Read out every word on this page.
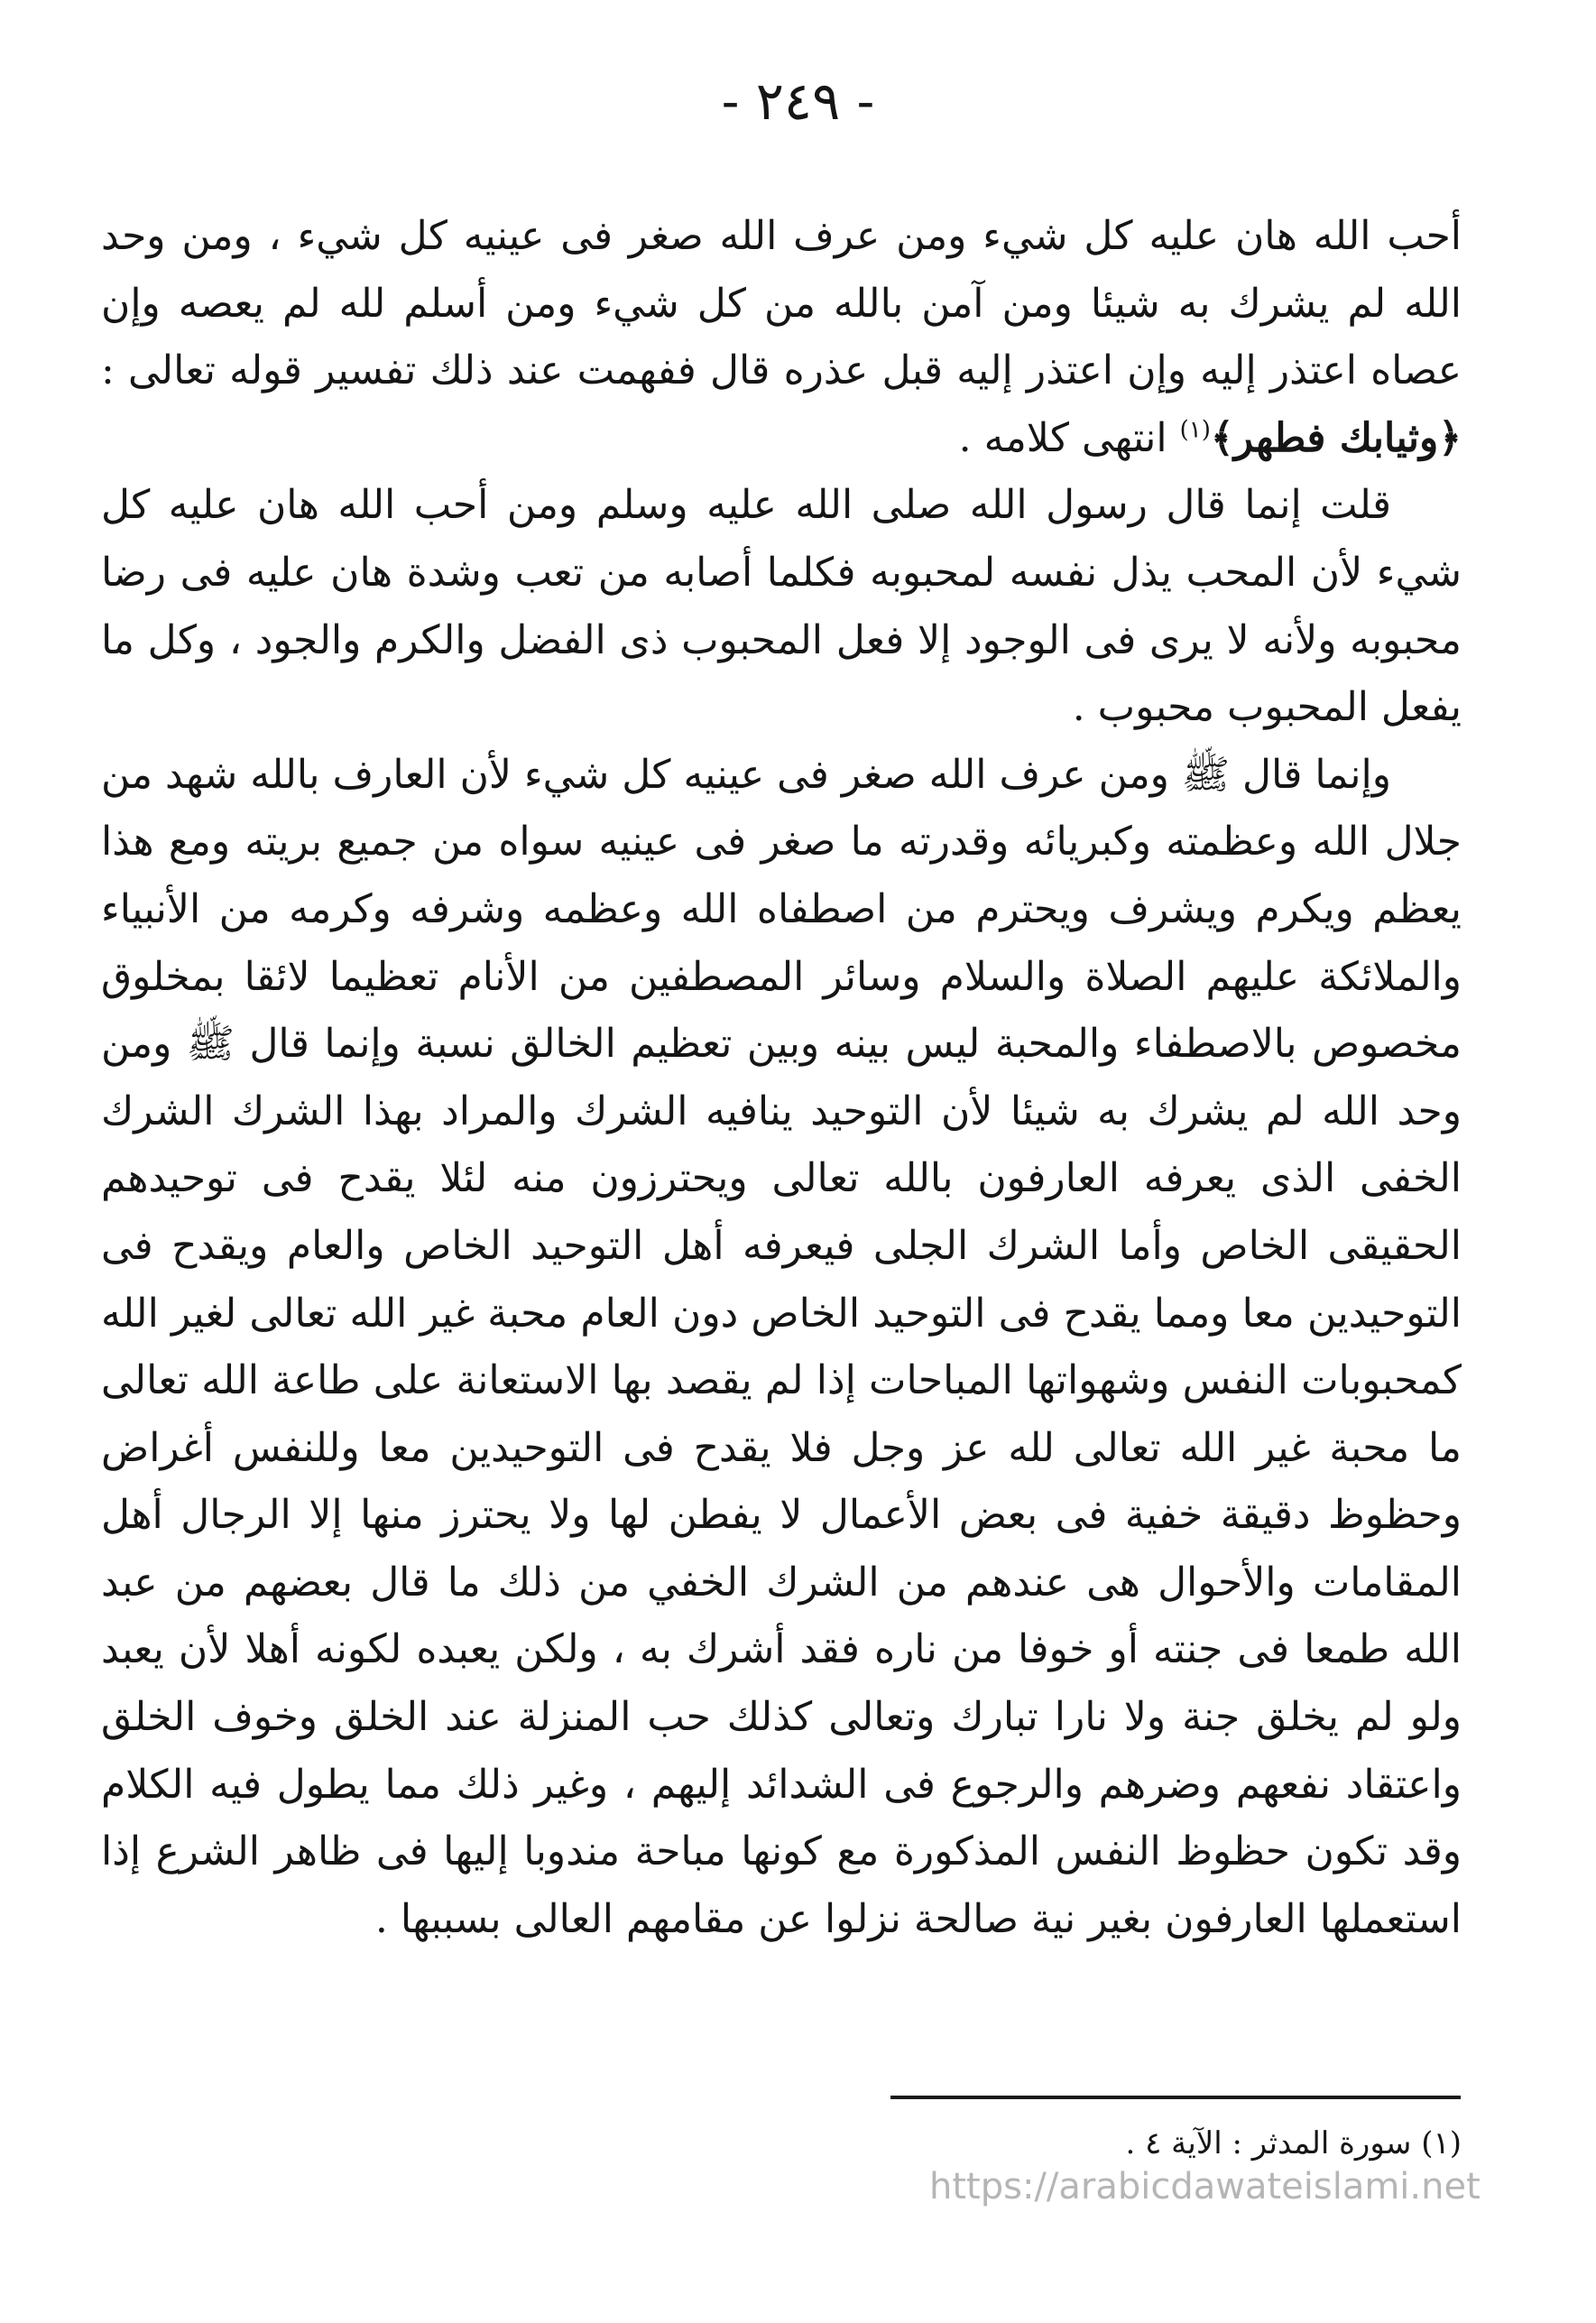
- ٢٤٩ -

أحب الله هان عليه كل شيء ومن عرف الله صغر فى عينيه كل شيء ، ومن وحد الله لم يشرك به شيئا ومن آمن بالله من كل شيء ومن أسلم لله لم يعصه وإن عصاه اعتذر إليه وإن اعتذر إليه قبل عذره قال ففهمت عند ذلك تفسير قوله تعالى : ﴿وثيابك فطهر﴾$^{(١)}$ انتهى كلامه .

قلت إنما قال رسول الله صلى الله عليه وسلم ومن أحب الله هان عليه كل شيء لأن المحب يذل نفسه لمحبوبه فكلما أصابه من تعب وشدة هان عليه فى رضا محبوبه ولأنه لا يرى فى الوجود إلا فعل المحبوب ذى الفضل والكرم والجود ، وكل ما يفعل المحبوب محبوب .

وإنما قال ﷺ ومن عرف الله صغر فى عينيه كل شيء لأن العارف بالله شهد من جلال الله وعظمته وكبريائه وقدرته ما صغر فى عينيه سواه من جميع بريته ومع هذا يعظم ويكرم ويشرف ويحترم من اصطفاه الله وعظمه وشرفه وكرمه من الأنبياء والملائكة عليهم الصلاة والسلام وسائر المصطفين من الأنام تعظيما لائقا بمخلوق مخصوص بالاصطفاء والمحبة ليس بينه وبين تعظيم الخالق نسبة وإنما قال ﷺ ومن وحد الله لم يشرك به شيئا لأن التوحيد ينافيه الشرك والمراد بهذا الشرك الشرك الخفى الذى يعرفه العارفون بالله تعالى ويحترزون منه لئلا يقدح فى توحيدهم الحقيقى الخاص وأما الشرك الجلى فيعرفه أهل التوحيد الخاص والعام ويقدح فى التوحيدين معا ومما يقدح فى التوحيد الخاص دون العام محبة غير الله تعالى لغير الله كمحبوبات النفس وشهواتها المباحات إذا لم يقصد بها الاستعانة على طاعة الله تعالى ما محبة غير الله تعالى لله عز وجل فلا يقدح فى التوحيدين معا وللنفس أغراض وحظوظ دقيقة خفية فى بعض الأعمال لا يفطن لها ولا يحترز منها إلا الرجال أهل المقامات والأحوال هى عندهم من الشرك الخفي من ذلك ما قال بعضهم من عبد الله طمعا فى جنته أو خوفا من ناره فقد أشرك به ، ولكن يعبده لكونه أهلا لأن يعبد ولو لم يخلق جنة ولا نارا تبارك وتعالى كذلك حب المنزلة عند الخلق وخوف الخلق واعتقاد نفعهم وضرهم والرجوع فى الشدائد إليهم ، وغير ذلك مما يطول فيه الكلام وقد تكون حظوظ النفس المذكورة مع كونها مباحة مندوبا إليها فى ظاهر الشرع إذا استعملها العارفون بغير نية صالحة نزلوا عن مقامهم العالى بسببها .

(١) سورة المدثر : الآية ٤ .
https://arabicdawateislami.net
